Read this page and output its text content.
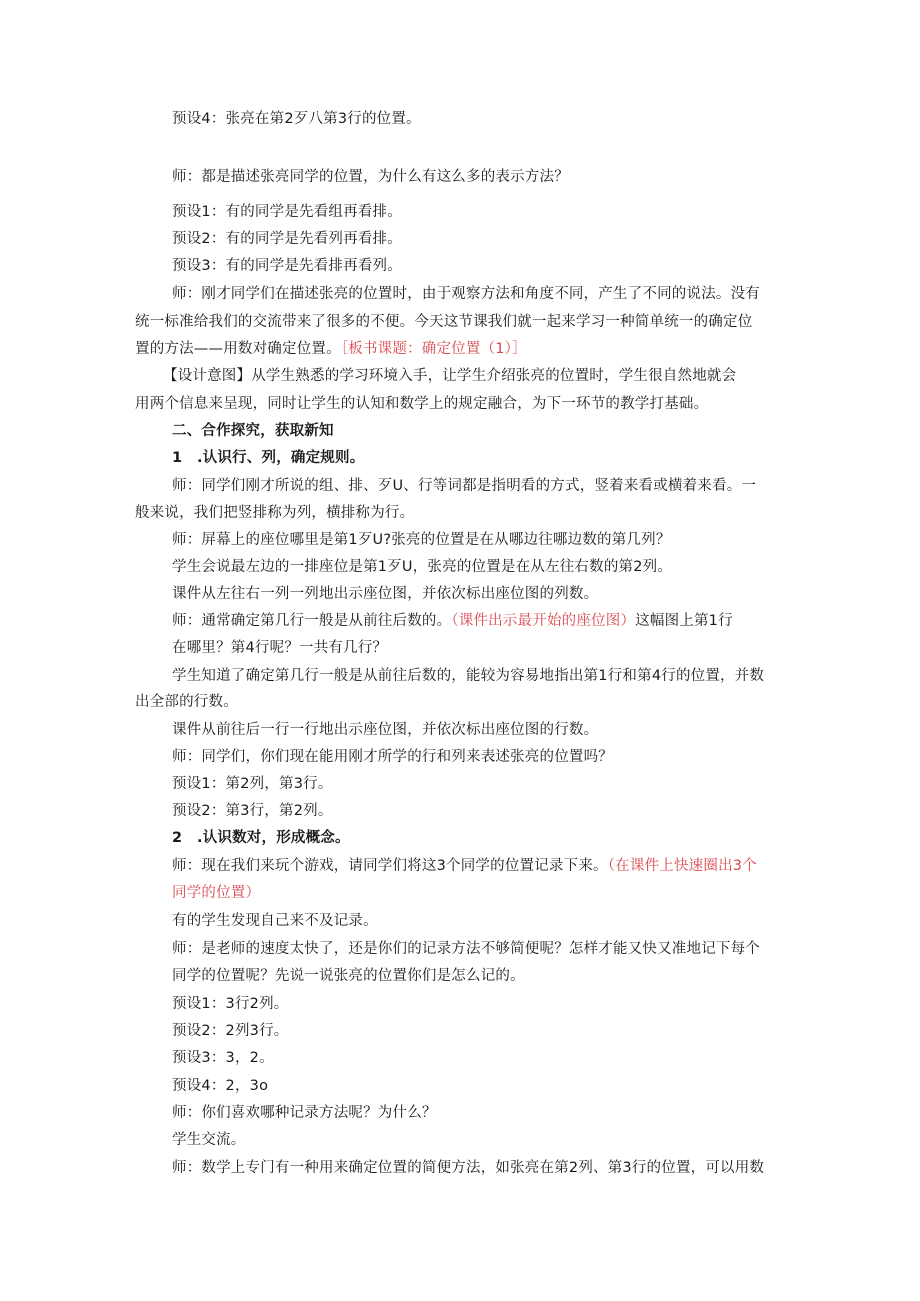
预设4：张亮在第2歹八第3行的位置。
师：都是描述张亮同学的位置，为什么有这么多的表示方法？
预设1：有的同学是先看组再看排。
预设2：有的同学是先看列再看排。
预设3：有的同学是先看排再看列。
师：刚才同学们在描述张亮的位置时，由于观察方法和角度不同，产生了不同的说法。没有
统一标准给我们的交流带来了很多的不便。今天这节课我们就一起来学习一种简单统一的确定位
置的方法——用数对确定位置。［板书课题：确定位置（1）］
【设计意图】从学生熟悉的学习环境入手，让学生介绍张亮的位置时，学生很自然地就会
用两个信息来呈现，同时让学生的认知和数学上的规定融合，为下一环节的教学打基础。
二、合作探究，获取新知
1　.认识行、列，确定规则。
师：同学们刚才所说的组、排、歹U、行等词都是指明看的方式，竖着来看或横着来看。一
般来说，我们把竖排称为列，横排称为行。
师：屏幕上的座位哪里是第1歹U?张亮的位置是在从哪边往哪边数的第几列？
学生会说最左边的一排座位是第1歹U，张亮的位置是在从左往右数的第2列。
课件从左往右一列一列地出示座位图，并依次标出座位图的列数。
师：通常确定第几行一般是从前往后数的。（课件出示最开始的座位图）这幅图上第1行
在哪里？第4行呢？一共有几行？
学生知道了确定第几行一般是从前往后数的，能较为容易地指出第1行和第4行的位置，并数
出全部的行数。
课件从前往后一行一行地出示座位图，并依次标出座位图的行数。
师：同学们，你们现在能用刚才所学的行和列来表述张亮的位置吗？
预设1：第2列，第3行。
预设2：第3行，第2列。
2　.认识数对，形成概念。
师：现在我们来玩个游戏，请同学们将这3个同学的位置记录下来。（在课件上快速圈出3个
同学的位置）
有的学生发现自己来不及记录。
师：是老师的速度太快了，还是你们的记录方法不够简便呢？怎样才能又快又准地记下每个
同学的位置呢？先说一说张亮的位置你们是怎么记的。
预设1：3行2列。
预设2：2列3行。
预设3：3，2。
预设4：2，3o
师：你们喜欢哪种记录方法呢？为什么？
学生交流。
师：数学上专门有一种用来确定位置的简便方法，如张亮在第2列、第3行的位置，可以用数
